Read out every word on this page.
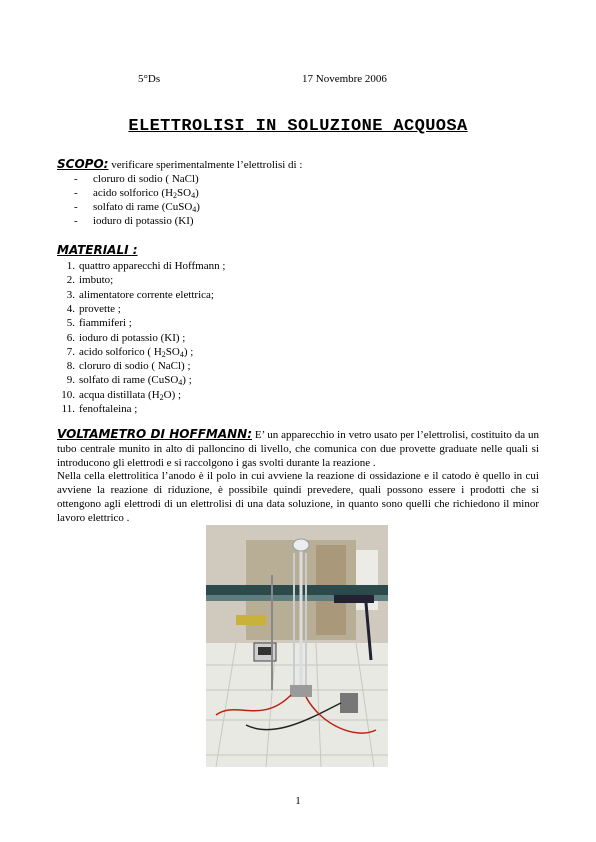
5°Ds	17 Novembre 2006
ELETTROLISI IN SOLUZIONE ACQUOSA
SCOPO: verificare sperimentalmente l’elettrolisi di :
- cloruro di sodio ( NaCl)
- acido solforico $(H_2SO_4)$
- solfato di rame (CuSO$_4$)
- ioduro di potassio (KI)
MATERIALI :
1. quattro apparecchi di Hoffmann ;
2. imbuto;
3. alimentatore corrente elettrica;
4. provette ;
5. fiammiferi ;
6. ioduro di potassio (KI) ;
7. acido solforico ( $H_2SO_4$) ;
8. cloruro di sodio ( NaCl) ;
9. solfato di rame (CuSO$_4$) ;
10. acqua distillata $(H_2O)$ ;
11. fenoftaleina ;
VOLTAMETRO DI HOFFMANN: E’ un apparecchio in vetro usato per l’elettrolisi, costituito da un tubo centrale munito in alto di palloncino di livello, che comunica con due provette graduate nelle quali si introducono gli elettrodi e si raccolgono i gas svolti durante la reazione .
Nella cella elettrolitica l’anodo è il polo in cui avviene la reazione di ossidazione e il catodo è quello in cui avviene la reazione di riduzione, è possibile quindi prevedere, quali possono essere i prodotti che si ottengono agli elettrodi di un elettrolisi di una data soluzione, in quanto sono quelli che richiedono il minor lavoro elettrico .
1
